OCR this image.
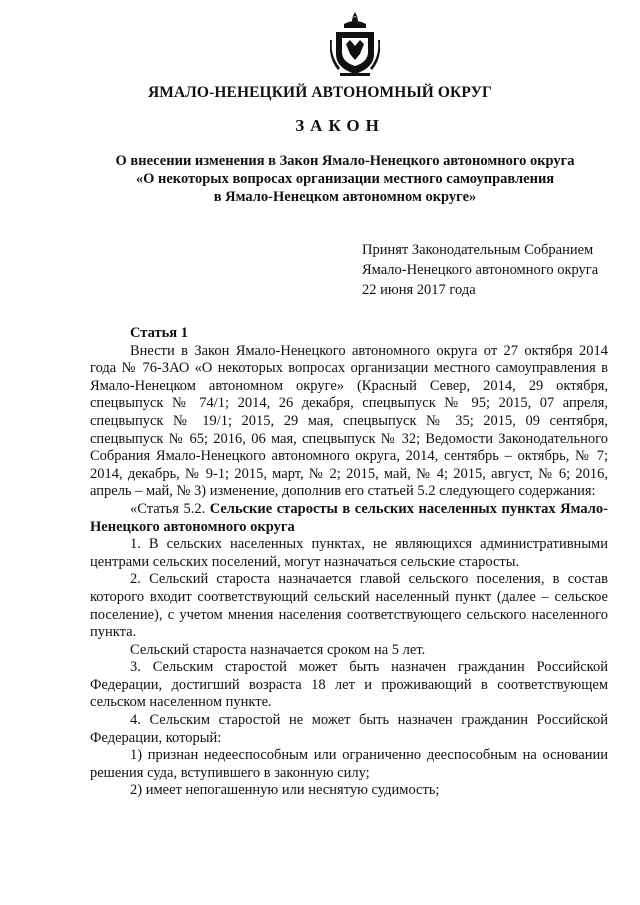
ЯМАЛО-НЕНЕЦКИЙ АВТОНОМНЫЙ ОКРУГ
ЗАКОН
О внесении изменения в Закон Ямало-Ненецкого автономного округа
«О некоторых вопросах организации местного самоуправления
в Ямало-Ненецком автономном округе»
Принят Законодательным Собранием
Ямало-Ненецкого автономного округа
22 июня 2017 года

Статья 1

Внести в Закон Ямало-Ненецкого автономного округа от 27 октября 2014 года № 76-ЗАО «О некоторых вопросах организации местного самоуправления в Ямало-Ненецком автономном округе» (Красный Север, 2014, 29 октября, спецвыпуск № 74/1; 2014, 26 декабря, спецвыпуск № 95; 2015, 07 апреля, спецвыпуск № 19/1; 2015, 29 мая, спецвыпуск № 35; 2015, 09 сентября, спецвыпуск № 65; 2016, 06 мая, спецвыпуск № 32; Ведомости Законодательного Собрания Ямало-Ненецкого автономного округа, 2014, сентябрь – октябрь, № 7; 2014, декабрь, № 9-1; 2015, март, № 2; 2015, май, № 4; 2015, август, № 6; 2016, апрель – май, № 3) изменение, дополнив его статьей 5.2 следующего содержания:

«Статья 5.2. Сельские старосты в сельских населенных пунктах Ямало-Ненецкого автономного округа

1. В сельских населенных пунктах, не являющихся административными центрами сельских поселений, могут назначаться сельские старосты.

2. Сельский староста назначается главой сельского поселения, в состав которого входит соответствующий сельский населенный пункт (далее – сельское поселение), с учетом мнения населения соответствующего сельского населенного пункта.

Сельский староста назначается сроком на 5 лет.

3. Сельским старостой может быть назначен гражданин Российской Федерации, достигший возраста 18 лет и проживающий в соответствующем сельском населенном пункте.

4. Сельским старостой не может быть назначен гражданин Российской Федерации, который:

1) признан недееспособным или ограниченно дееспособным на основании решения суда, вступившего в законную силу;

2) имеет непогашенную или неснятую судимость;
